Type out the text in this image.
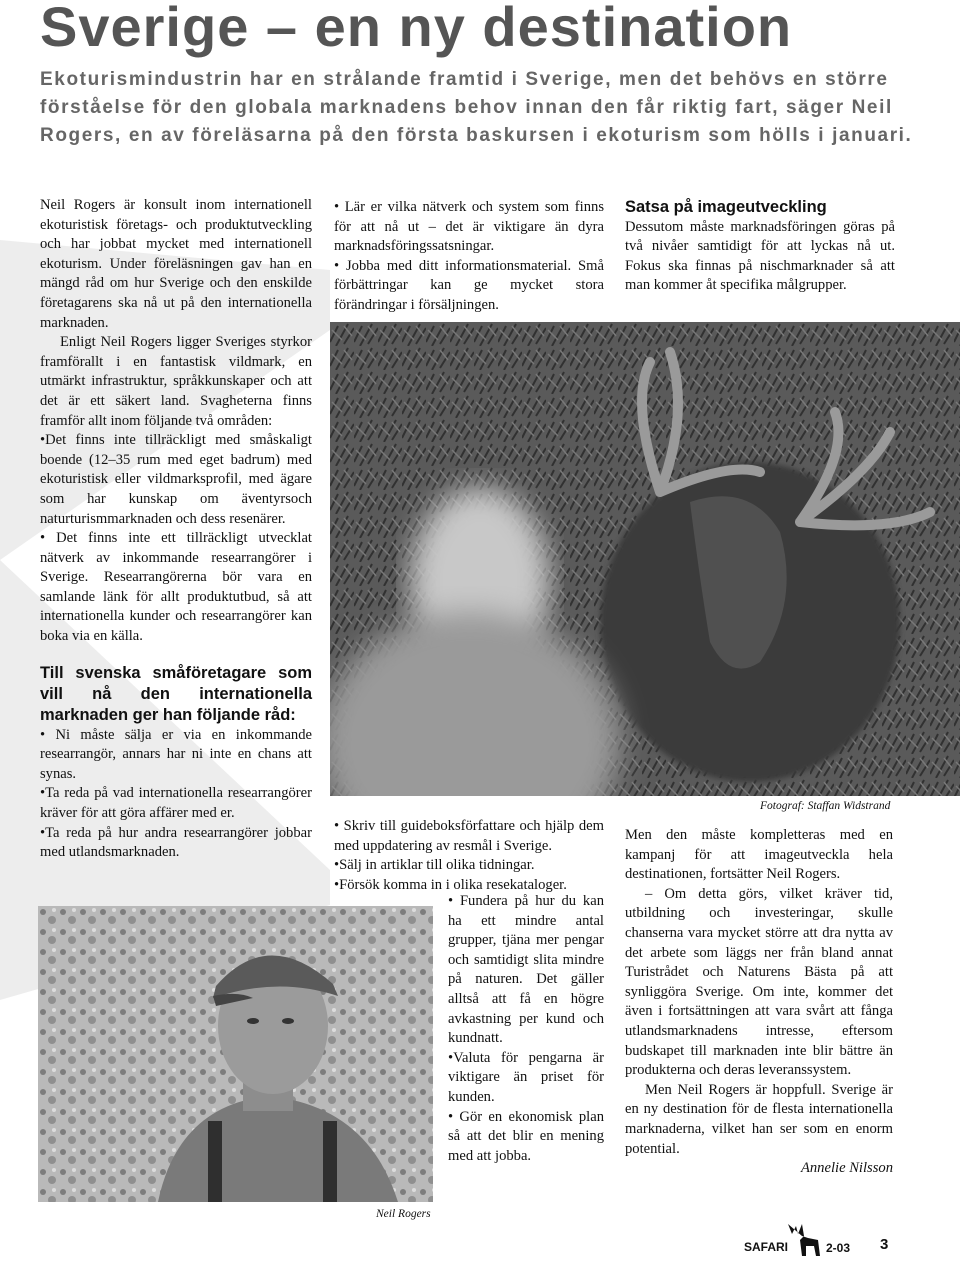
Sverige – en ny destination

Ekoturismindustrin har en strålande framtid i Sverige, men det behövs en större förståelse för den globala marknadens behov innan den får riktig fart, säger Neil Rogers, en av föreläsarna på den första baskursen i ekoturism som hölls i januari.

Neil Rogers är konsult inom internationell ekoturistisk företags- och produktutveckling och har jobbat mycket med internationell ekoturism. Under föreläsningen gav han en mängd råd om hur Sverige och den enskilde företagarens ska nå ut på den internationella marknaden.

Enligt Neil Rogers ligger Sveriges styrkor framförallt i en fantastisk vildmark, en utmärkt infrastruktur, språkkunskaper och att det är ett säkert land. Svagheterna finns framför allt inom följande två områden:

•Det finns inte tillräckligt med småskaligt boende (12–35 rum med eget badrum) med ekoturistisk eller vildmarksprofil, med ägare som har kunskap om äventyrsoch naturturismmarknaden och dess resenärer.

• Det finns inte ett tillräckligt utvecklat nätverk av inkommande researrangörer i Sverige. Researrangörerna bör vara en samlande länk för allt produktutbud, så att internationella kunder och researrangörer kan boka via en källa.

Till svenska småföretagare som vill nå den internationella marknaden ger han följande råd:

• Ni måste sälja er via en inkommande researrangör, annars har ni inte en chans att synas.

•Ta reda på vad internationella researrangörer kräver för att göra affärer med er.

•Ta reda på hur andra researrangörer jobbar med utlandsmarknaden.

• Lär er vilka nätverk och system som finns för att nå ut – det är viktigare än dyra marknadsföringssatsningar.

• Jobba med ditt informationsmaterial. Små förbättringar kan ge mycket stora förändringar i försäljningen.

Satsa på imageutveckling

Dessutom måste marknadsföringen göras på två nivåer samtidigt för att lyckas nå ut. Fokus ska finnas på nischmarknader så att man kommer åt specifika målgrupper.

Fotograf: Staffan Widstrand

• Skriv till guideboksförfattare och hjälp dem med uppdatering av resmål i Sverige.

•Sälj in artiklar till olika tidningar.

•Försök komma in i olika resekataloger.

• Fundera på hur du kan ha ett mindre antal grupper, tjäna mer pengar och samtidigt slita mindre på naturen. Det gäller alltså att få en högre avkastning per kund och kundnatt.

•Valuta för pengarna är viktigare än priset för kunden.

• Gör en ekonomisk plan så att det blir en mening med att jobba.

Men den måste kompletteras med en kampanj för att imageutveckla hela destinationen, fortsätter Neil Rogers.

– Om detta görs, vilket kräver tid, utbildning och investeringar, skulle chanserna vara mycket större att dra nytta av det arbete som läggs ner från bland annat Turistrådet och Naturens Bästa på att synliggöra Sverige. Om inte, kommer det även i fortsättningen att vara svårt att fånga utlandsmarknadens intresse, eftersom budskapet till marknaden inte blir bättre än produkterna och deras leveranssystem.

Men Neil Rogers är hoppfull. Sverige är en ny destination för de flesta internationella marknaderna, vilket han ser som en enorm potential.

Annelie Nilsson

Neil Rogers
SAFARI	2-03 3
